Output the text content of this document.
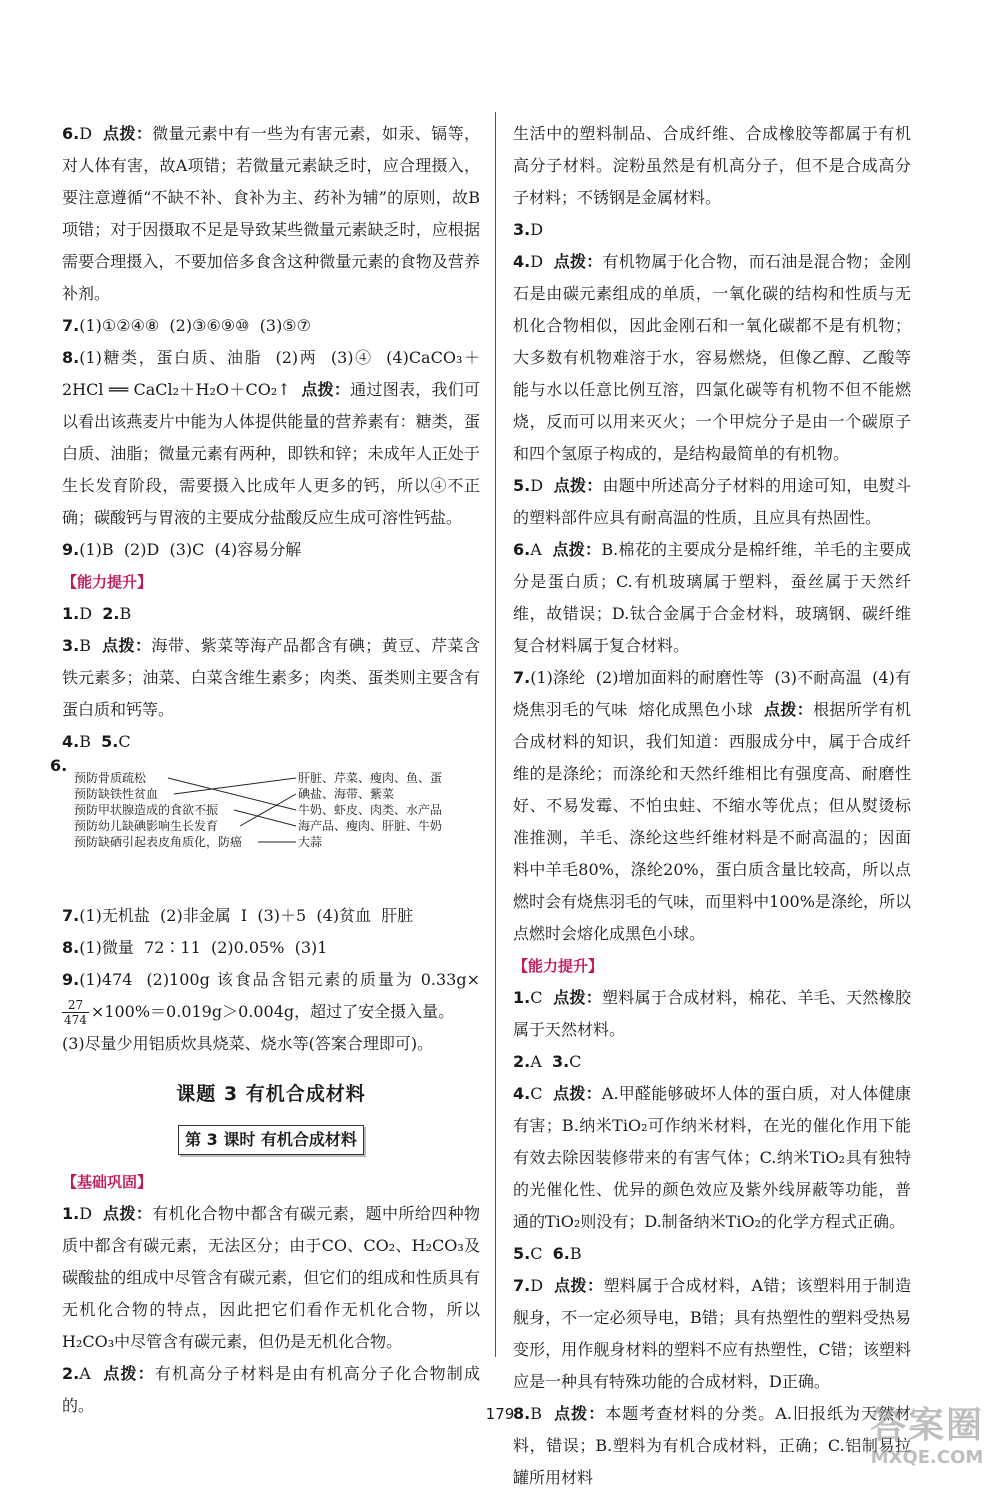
6.D 点拨：微量元素中有一些为有害元素，如汞、镉等，对人体有害，故A项错；若微量元素缺乏时，应合理摄入，要注意遵循“不缺不补、食补为主、药补为辅”的原则，故B项错；对于因摄取不足是导致某些微量元素缺乏时，应根据需要合理摄入，不要加倍多食含这种微量元素的食物及营养补剂。
7.(1)①②④⑧  (2)③⑥⑨⑩  (3)⑤⑦
8.(1)糖类，蛋白质、油脂  (2)两  (3)④  (4)CaCO₃＋2HCl ══ CaCl₂＋H₂O＋CO₂↑  点拨：通过图表，我们可以看出该燕麦片中能为人体提供能量的营养素有：糖类，蛋白质、油脂；微量元素有两种，即铁和锌；未成年人正处于生长发育阶段，需要摄入比成年人更多的钙，所以④不正确；碳酸钙与胃液的主要成分盐酸反应生成可溶性钙盐。
9.(1)B  (2)D  (3)C  (4)容易分解
【能力提升】
1.D  2.B
3.B 点拨：海带、紫菜等海产品都含有碘；黄豆、芹菜含铁元素多；油菜、白菜含维生素多；肉类、蛋类则主要含有蛋白质和钙等。
4.B  5.C
6.
预防骨质疏松
预防缺铁性贫血
预防甲状腺造成的食欲不振
预防幼儿缺碘影响生长发育
预防缺硒引起表皮角质化，防癌
肝脏、芹菜、瘦肉、鱼、蛋
碘盐、海带、紫菜
牛奶、虾皮、肉类、水产品
海产品、瘦肉、肝脏、牛奶
大蒜
7.(1)无机盐  (2)非金属  I  (3)＋5  (4)贫血  肝脏
8.(1)微量  72∶11  (2)0.05%  (3)1
9.(1)474  (2)100g 该食品含铝元素的质量为 0.33g×
$\frac{27}{474} \times 100\%=0.019g>0.004g$，超过了安全摄入量。
(3)尽量少用铝质炊具烧菜、烧水等(答案合理即可)。
课题 3 有机合成材料
第 3 课时 有机合成材料
【基础巩固】
1.D 点拨：有机化合物中都含有碳元素，题中所给四种物质中都含有碳元素，无法区分；由于CO、CO₂、H₂CO₃及碳酸盐的组成中尽管含有碳元素，但它们的组成和性质具有无机化合物的特点，因此把它们看作无机化合物，所以H₂CO₃中尽管含有碳元素，但仍是无机化合物。
2.A 点拨：有机高分子材料是由有机高分子化合物制成的。
生活中的塑料制品、合成纤维、合成橡胶等都属于有机高分子材料。淀粉虽然是有机高分子，但不是合成高分子材料；不锈钢是金属材料。
3.D
4.D 点拨：有机物属于化合物，而石油是混合物；金刚石是由碳元素组成的单质，一氧化碳的结构和性质与无机化合物相似，因此金刚石和一氧化碳都不是有机物；大多数有机物难溶于水，容易燃烧，但像乙醇、乙酸等能与水以任意比例互溶，四氯化碳等有机物不但不能燃烧，反而可以用来灭火；一个甲烷分子是由一个碳原子和四个氢原子构成的，是结构最简单的有机物。
5.D 点拨：由题中所述高分子材料的用途可知，电熨斗的塑料部件应具有耐高温的性质，且应具有热固性。
6.A 点拨：B.棉花的主要成分是棉纤维，羊毛的主要成分是蛋白质；C.有机玻璃属于塑料，蚕丝属于天然纤维，故错误；D.钛合金属于合金材料，玻璃钢、碳纤维复合材料属于复合材料。
7.(1)涤纶  (2)增加面料的耐磨性等  (3)不耐高温  (4)有烧焦羽毛的气味  熔化成黑色小球  点拨：根据所学有机合成材料的知识，我们知道：西服成分中，属于合成纤维的是涤纶；而涤纶和天然纤维相比有强度高、耐磨性好、不易发霉、不怕虫蛀、不缩水等优点；但从熨烫标准推测，羊毛、涤纶这些纤维材料是不耐高温的；因面料中羊毛80%，涤纶20%，蛋白质含量比较高，所以点燃时会有烧焦羽毛的气味，而里料中100%是涤纶，所以点燃时会熔化成黑色小球。
【能力提升】
1.C 点拨：塑料属于合成材料，棉花、羊毛、天然橡胶属于天然材料。
2.A  3.C
4.C 点拨：A.甲醛能够破坏人体的蛋白质，对人体健康有害；B.纳米TiO₂可作纳米材料，在光的催化作用下能有效去除因装修带来的有害气体；C.纳米TiO₂具有独特的光催化性、优异的颜色效应及紫外线屏蔽等功能，普通的TiO₂则没有；D.制备纳米TiO₂的化学方程式正确。
5.C  6.B
7.D 点拨：塑料属于合成材料，A错；该塑料用于制造舰身，不一定必须导电，B错；具有热塑性的塑料受热易变形，用作舰身材料的塑料不应有热塑性，C错；该塑料应是一种具有特殊功能的合成材料，D正确。
8.B 点拨：本题考查材料的分类。A.旧报纸为天然材料，错误；B.塑料为有机合成材料，正确；C.铝制易拉罐所用材料
179	答案圈
MXQE.COM
